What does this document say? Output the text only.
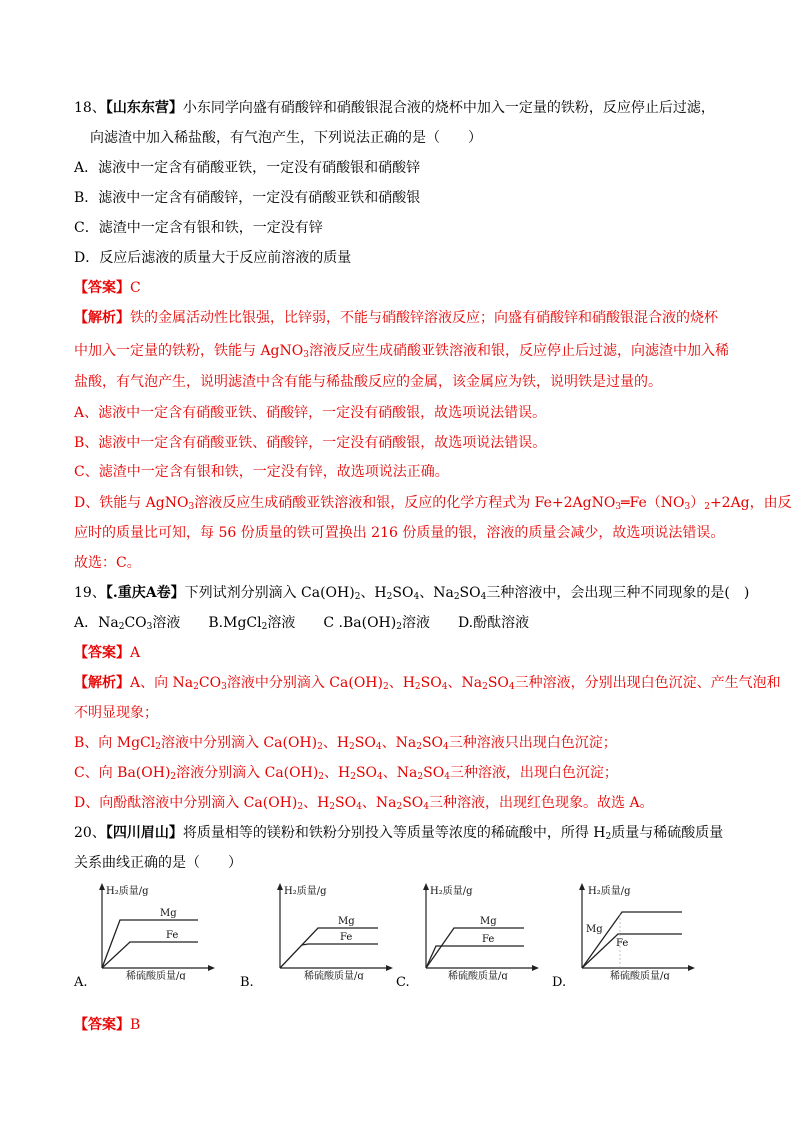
18、【山东东营】小东同学向盛有硝酸锌和硝酸银混合液的烧杯中加入一定量的铁粉，反应停止后过滤，
向滤渣中加入稀盐酸，有气泡产生，下列说法正确的是（　　）
A．滤液中一定含有硝酸亚铁，一定没有硝酸银和硝酸锌
B．滤液中一定含有硝酸锌，一定没有硝酸亚铁和硝酸银
C．滤渣中一定含有银和铁，一定没有锌
D．反应后滤液的质量大于反应前溶液的质量
【答案】C
【解析】铁的金属活动性比银强，比锌弱，不能与硝酸锌溶液反应；向盛有硝酸锌和硝酸银混合液的烧杯
中加入一定量的铁粉，铁能与 AgNO$_3$溶液反应生成硝酸亚铁溶液和银，反应停止后过滤，向滤渣中加入稀
盐酸，有气泡产生，说明滤渣中含有能与稀盐酸反应的金属，该金属应为铁，说明铁是过量的。
A、滤液中一定含有硝酸亚铁、硝酸锌，一定没有硝酸银，故选项说法错误。
B、滤液中一定含有硝酸亚铁、硝酸锌，一定没有硝酸银，故选项说法错误。
C、滤渣中一定含有银和铁，一定没有锌，故选项说法正确。
D、铁能与 AgNO$_3$溶液反应生成硝酸亚铁溶液和银，反应的化学方程式为 $Fe+2AgNO_3═Fe(NO_3)_2+2Ag$，由反
应时的质量比可知，每 56 份质量的铁可置换出 216 份质量的银，溶液的质量会减少，故选项说法错误。
故选：C。
19、【.重庆A卷】下列试剂分别滴入 $Ca(OH)_2$、$H_2SO_4$、$Na_2SO_4$三种溶液中，会出现三种不同现象的是(　)
A．$Na_2CO_3$溶液　　B.MgCl$_2$溶液　　C $.Ba(OH)_2$溶液　　D.酚酞溶液
【答案】A
【解析】A、向 $Na_2CO_3$溶液中分别滴入 $Ca(OH)_2$、$H_2SO_4$、$Na_2SO_4$三种溶液，分别出现白色沉淀、产生气泡和
不明显现象；
B、向 MgCl$_2$溶液中分别滴入 $Ca(OH)_2$、$H_2SO_4$、$Na_2SO_4$三种溶液只出现白色沉淀；
C、向 $Ba(OH)_2$溶液分别滴入 $Ca(OH)_2$、$H_2SO_4$、$Na_2SO_4$三种溶液，出现白色沉淀；
D、向酚酞溶液中分别滴入 $Ca(OH)_2$、$H_2SO_4$、$Na_2SO_4$三种溶液，出现红色现象。故选 A。
20、【四川眉山】将质量相等的镁粉和铁粉分别投入等质量等浓度的稀硫酸中，所得 $H_2$质量与稀硫酸质量
关系曲线正确的是（　　）
H₂质量/g
Mg
Fe
稀硫酸质量/g
A.
H₂质量/g
Mg
Fe
稀硫酸质量/g
B.
H₂质量/g
Mg
Fe
稀硫酸质量/g
C.
H₂质量/g
Mg
Fe
稀硫酸质量/g
D.
【答案】B
